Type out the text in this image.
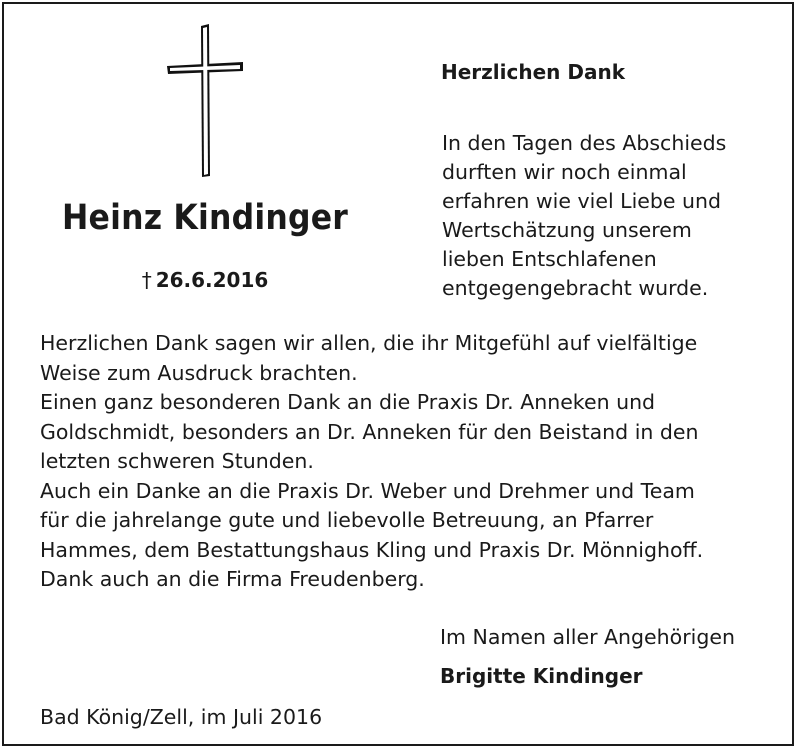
Heinz Kindinger
† 26.6.2016
Herzlichen Dank
In den Tagen des Abschieds
durften wir noch einmal
erfahren wie viel Liebe und
Wertschätzung unserem
lieben Entschlafenen
entgegengebracht wurde.
Herzlichen Dank sagen wir allen, die ihr Mitgefühl auf vielfältige
Weise zum Ausdruck brachten.
Einen ganz besonderen Dank an die Praxis Dr. Anneken und
Goldschmidt, besonders an Dr. Anneken für den Beistand in den
letzten schweren Stunden.
Auch ein Danke an die Praxis Dr. Weber und Drehmer und Team
für die jahrelange gute und liebevolle Betreuung, an Pfarrer
Hammes, dem Bestattungshaus Kling und Praxis Dr. Mönnighoff.
Dank auch an die Firma Freudenberg.
Im Namen aller Angehörigen
Brigitte Kindinger
Bad König/Zell, im Juli 2016
